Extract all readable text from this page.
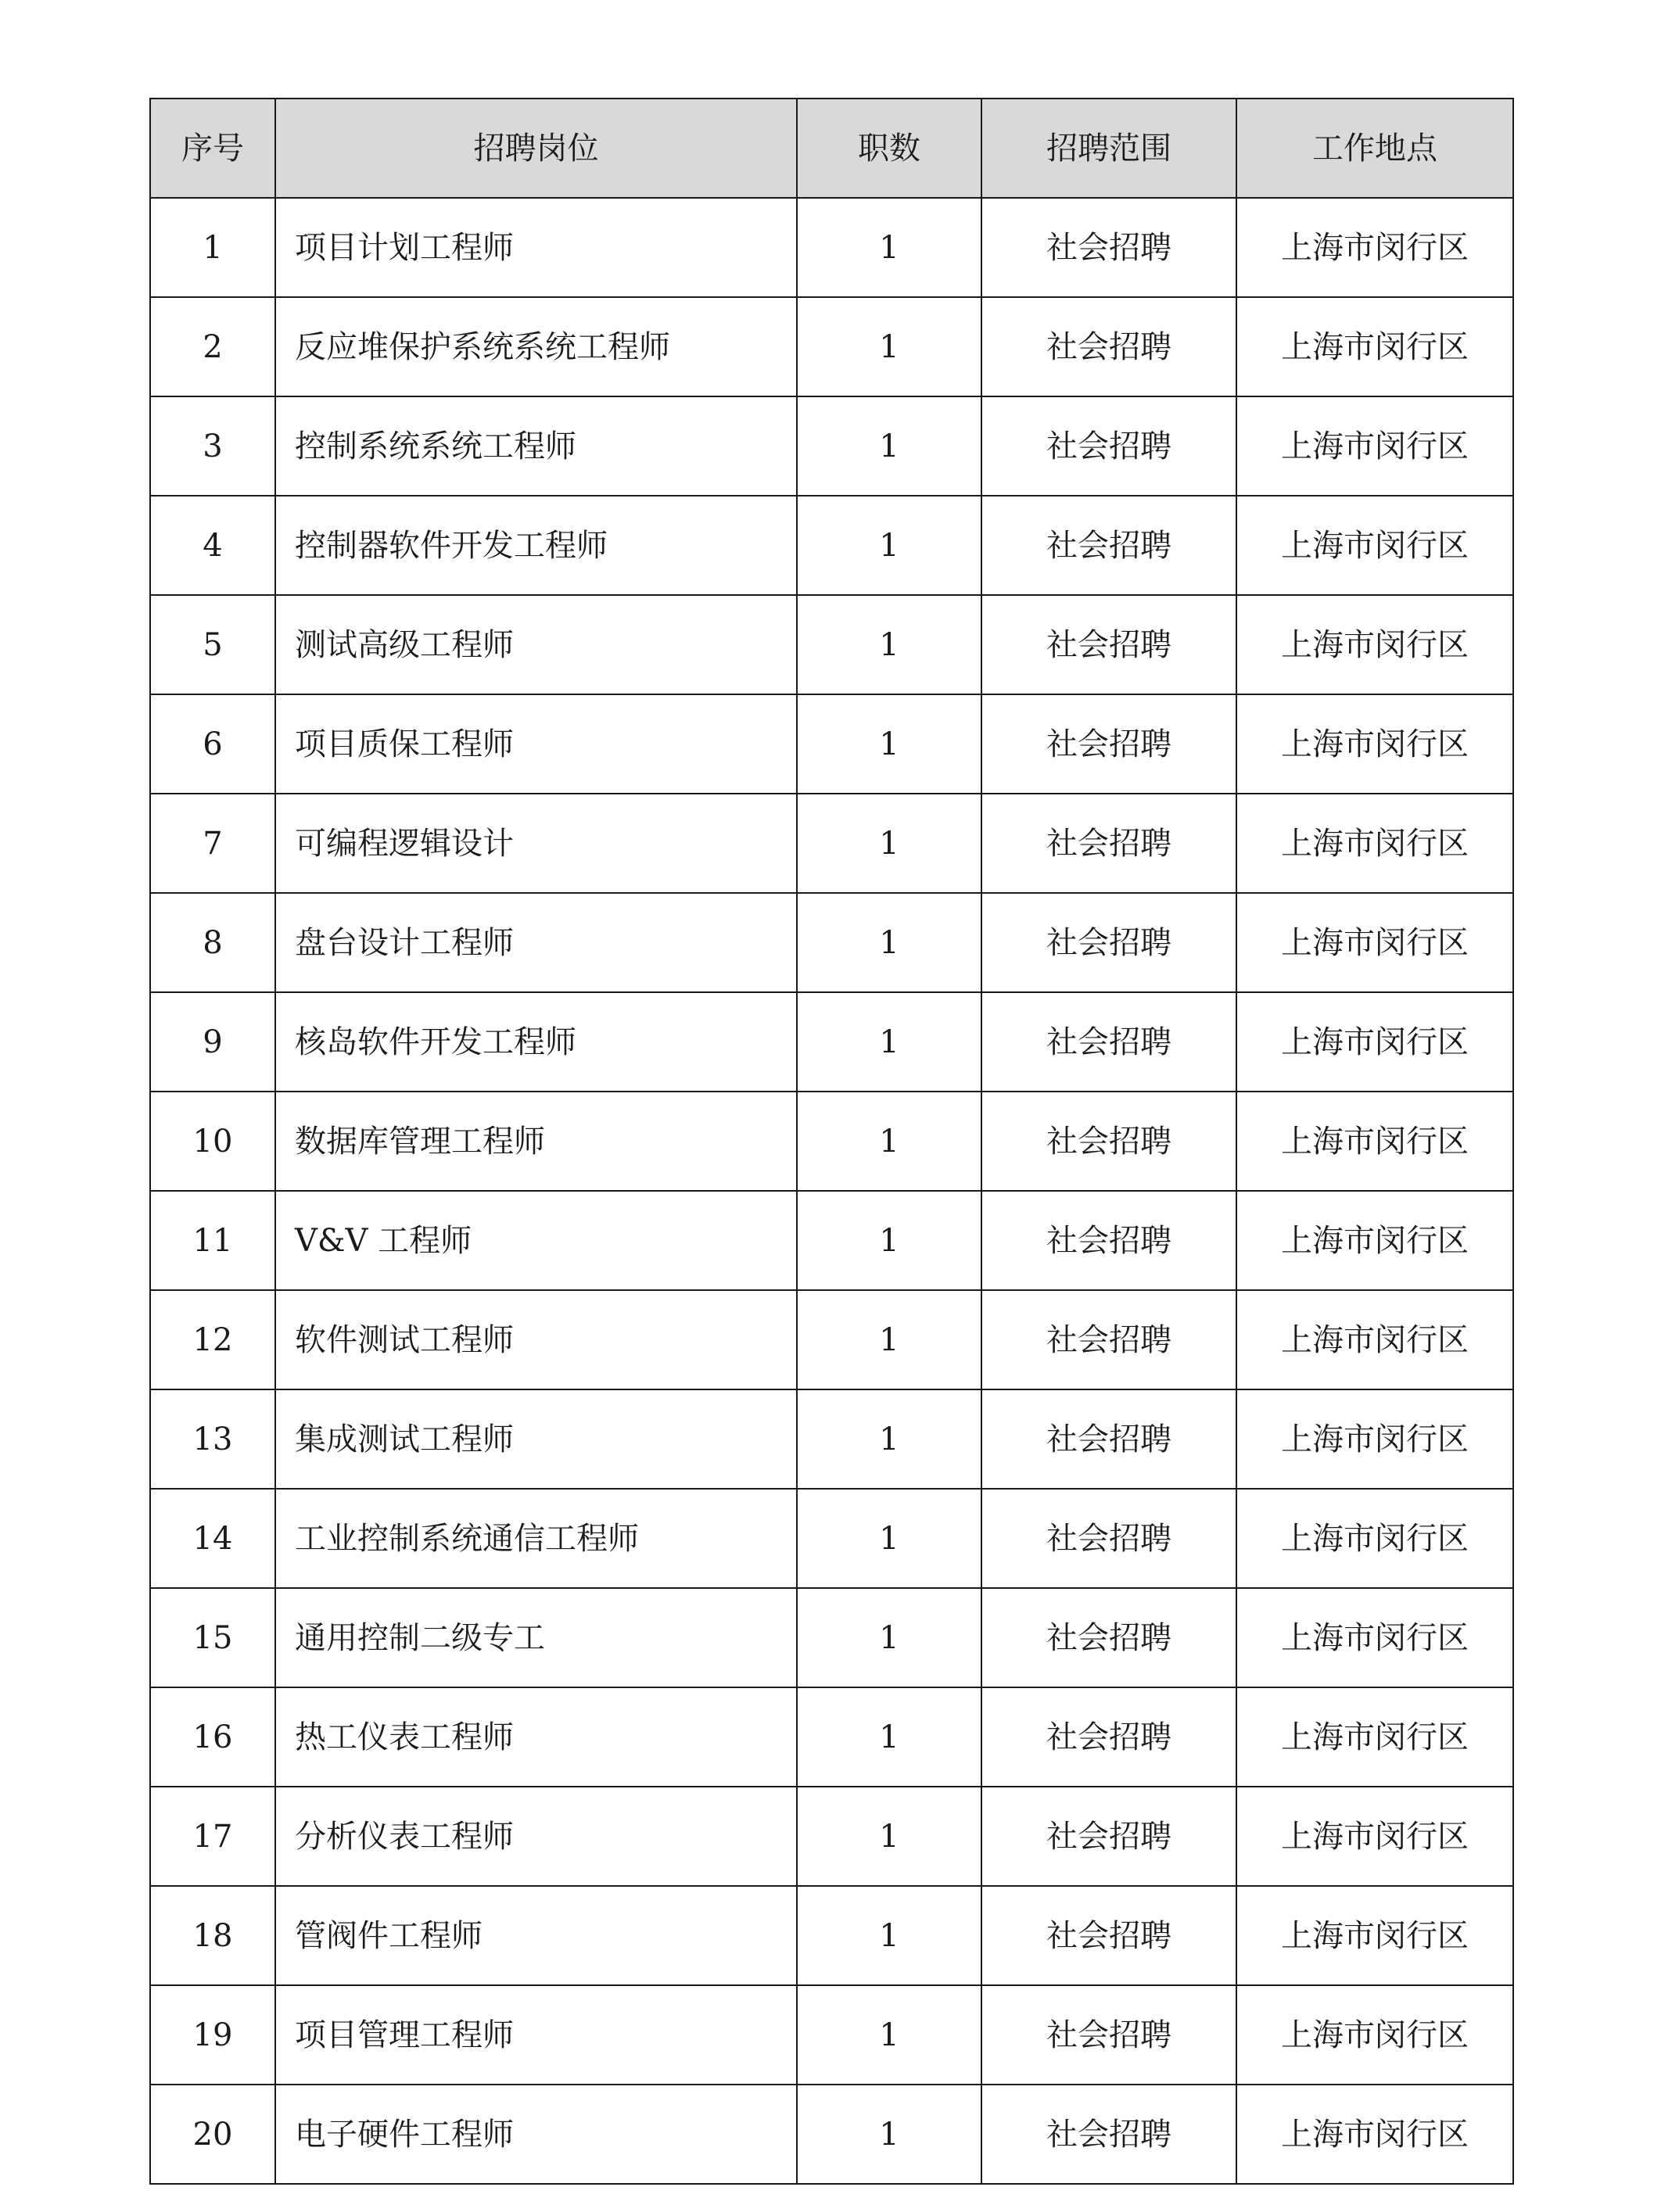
序号	招聘岗位	职数	招聘范围	工作地点
1	项目计划工程师	1	社会招聘	上海市闵行区
2	反应堆保护系统系统工程师	1	社会招聘	上海市闵行区
3	控制系统系统工程师	1	社会招聘	上海市闵行区
4	控制器软件开发工程师	1	社会招聘	上海市闵行区
5	测试高级工程师	1	社会招聘	上海市闵行区
6	项目质保工程师	1	社会招聘	上海市闵行区
7	可编程逻辑设计	1	社会招聘	上海市闵行区
8	盘台设计工程师	1	社会招聘	上海市闵行区
9	核岛软件开发工程师	1	社会招聘	上海市闵行区
10	数据库管理工程师	1	社会招聘	上海市闵行区
11	V&V 工程师	1	社会招聘	上海市闵行区
12	软件测试工程师	1	社会招聘	上海市闵行区
13	集成测试工程师	1	社会招聘	上海市闵行区
14	工业控制系统通信工程师	1	社会招聘	上海市闵行区
15	通用控制二级专工	1	社会招聘	上海市闵行区
16	热工仪表工程师	1	社会招聘	上海市闵行区
17	分析仪表工程师	1	社会招聘	上海市闵行区
18	管阀件工程师	1	社会招聘	上海市闵行区
19	项目管理工程师	1	社会招聘	上海市闵行区
20	电子硬件工程师	1	社会招聘	上海市闵行区
